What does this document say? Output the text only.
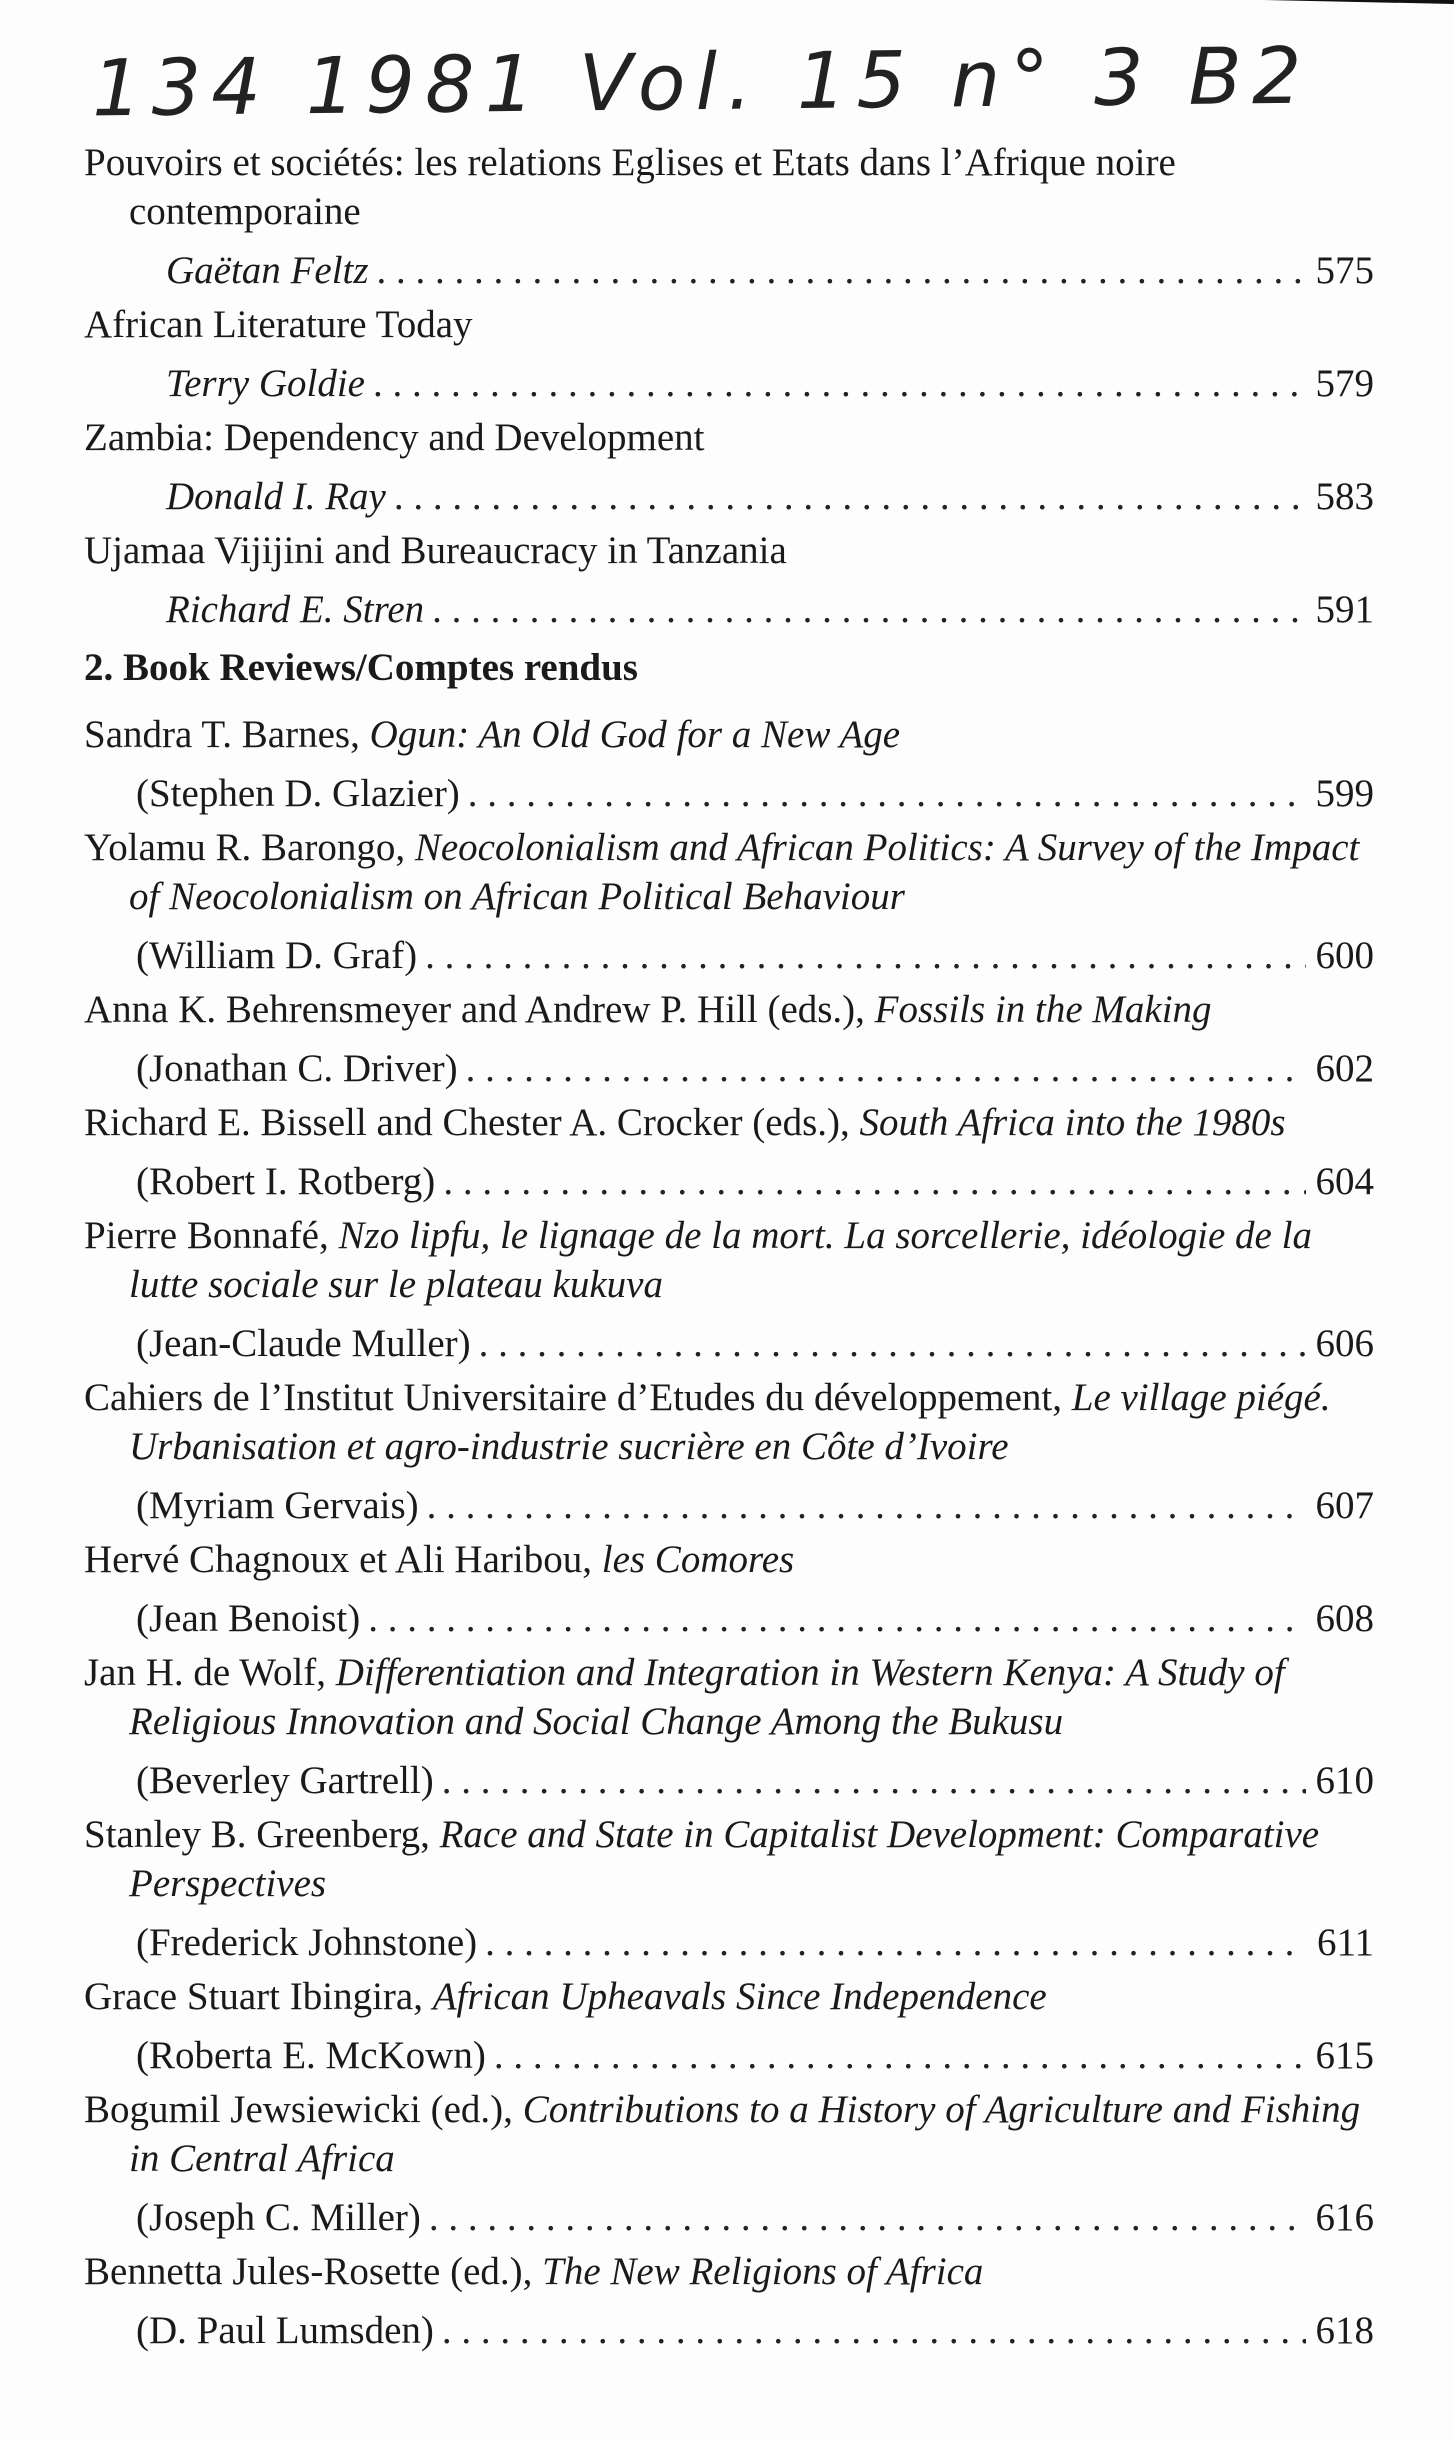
134 1981 Vol. 15 n° 3 B2
Pouvoirs et sociétés: les relations Eglises et Etats dans l’Afrique noire contemporaine
Gaëtan Feltz . . .	575
African Literature Today
Terry Goldie . . .	579
Zambia: Dependency and Development
Donald I. Ray . . .	583
Ujamaa Vijijini and Bureaucracy in Tanzania
Richard E. Stren . . .	591
2. Book Reviews/Comptes rendus
Sandra T. Barnes, Ogun: An Old God for a New Age
(Stephen D. Glazier) . . .	599
Yolamu R. Barongo, Neocolonialism and African Politics: A Survey of the Impact of Neocolonialism on African Political Behaviour
(William D. Graf) . . .	600
Anna K. Behrensmeyer and Andrew P. Hill (eds.), Fossils in the Making
(Jonathan C. Driver) . . .	602
Richard E. Bissell and Chester A. Crocker (eds.), South Africa into the 1980s
(Robert I. Rotberg) . . .	604
Pierre Bonnafé, Nzo lipfu, le lignage de la mort. La sorcellerie, idéologie de la lutte sociale sur le plateau kukuva
(Jean-Claude Muller) . . .	606
Cahiers de l’Institut Universitaire d’Etudes du développement, Le village piégé. Urbanisation et agro-industrie sucrière en Côte d’Ivoire
(Myriam Gervais) . . .	607
Hervé Chagnoux et Ali Haribou, les Comores
(Jean Benoist) . . .	608
Jan H. de Wolf, Differentiation and Integration in Western Kenya: A Study of Religious Innovation and Social Change Among the Bukusu
(Beverley Gartrell) . . .	610
Stanley B. Greenberg, Race and State in Capitalist Development: Comparative Perspectives
(Frederick Johnstone) . . .	611
Grace Stuart Ibingira, African Upheavals Since Independence
(Roberta E. McKown) . . .	615
Bogumil Jewsiewicki (ed.), Contributions to a History of Agriculture and Fishing in Central Africa
(Joseph C. Miller) . . .	616
Bennetta Jules-Rosette (ed.), The New Religions of Africa
(D. Paul Lumsden) . . .	618
